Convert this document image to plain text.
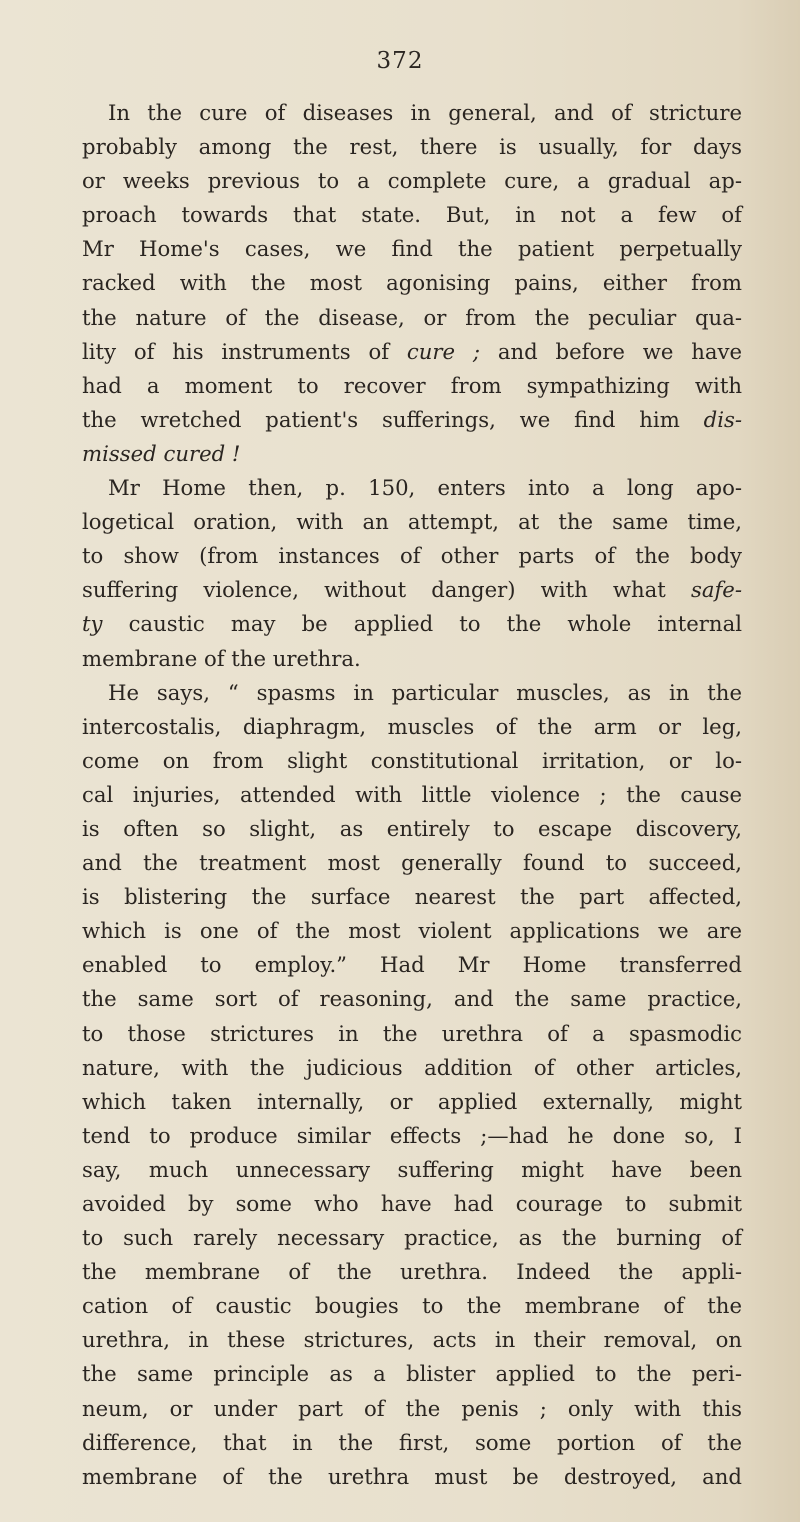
372
In the cure of diseases in general, and of stricture
probably among the rest, there is usually, for days
or weeks previous to a complete cure, a gradual ap-
proach towards that state. But, in not a few of
Mr Home's cases, we find the patient perpetually
racked with the most agonising pains, either from
the nature of the disease, or from the peculiar qua-
lity of his instruments of cure ; and before we have
had a moment to recover from sympathizing with
the wretched patient's sufferings, we find him dis-
missed cured !
Mr Home then, p. 150, enters into a long apo-
logetical oration, with an attempt, at the same time,
to show (from instances of other parts of the body
suffering violence, without danger) with what safe-
ty caustic may be applied to the whole internal
membrane of the urethra.
He says, “ spasms in particular muscles, as in the
intercostalis, diaphragm, muscles of the arm or leg,
come on from slight constitutional irritation, or lo-
cal injuries, attended with little violence ; the cause
is often so slight, as entirely to escape discovery,
and the treatment most generally found to succeed,
is blistering the surface nearest the part affected,
which is one of the most violent applications we are
enabled to employ.” Had Mr Home transferred
the same sort of reasoning, and the same practice,
to those strictures in the urethra of a spasmodic
nature, with the judicious addition of other articles,
which taken internally, or applied externally, might
tend to produce similar effects ;—had he done so, I
say, much unnecessary suffering might have been
avoided by some who have had courage to submit
to such rarely necessary practice, as the burning of
the membrane of the urethra. Indeed the appli-
cation of caustic bougies to the membrane of the
urethra, in these strictures, acts in their removal, on
the same principle as a blister applied to the peri-
neum, or under part of the penis ; only with this
difference, that in the first, some portion of the
membrane of the urethra must be destroyed, and
